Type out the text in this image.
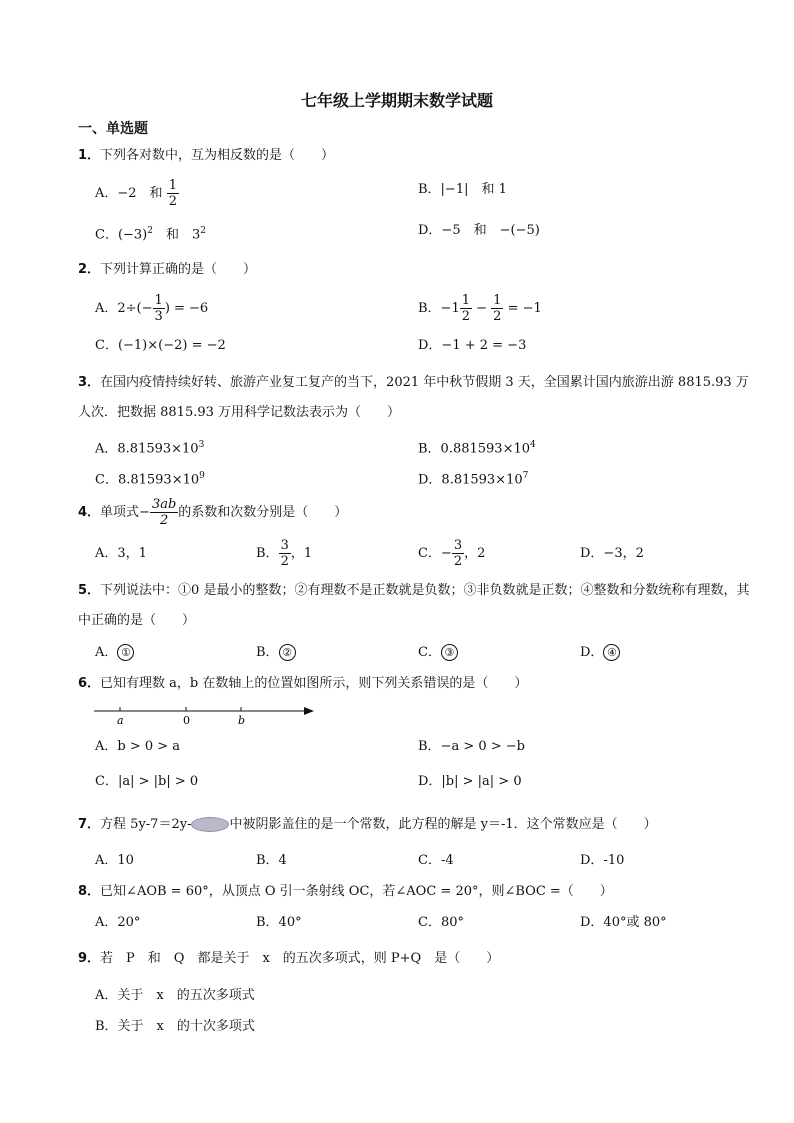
七年级上学期期末数学试题
一、单选题
1．下列各对数中，互为相反数的是（　　）
A．−2　和 $\frac{1}{2}$	B．|−1|　和 1
C．$(-3)^2$　和　$3^2$	D．−5　和　−(−5)
2．下列计算正确的是（　　）
A．$2\div(- \frac{1}{3}$ ) = −6	B．$-1 \frac{1}{2} - \frac{1}{2} = -1$
C．(−1)×(−2) = −2	D．−1 + 2 = −3
3．在国内疫情持续好转、旅游产业复工复产的当下，2021 年中秋节假期 3 天，全国累计国内旅游出游 8815.93 万人次．把数据 8815.93 万用科学记数法表示为（　　）
A．$8.81593\times 10^3$	B．$0.881593\times 10^4$
C．$8.81593\times 10^9$	D．$8.81593\times 10^7$
4．单项式− $\frac{3ab}{2}$ 的系数和次数分别是（　　）
A．3，1	B． $\frac{3}{2}$ ，1	C．− $\frac{3}{2}$ ，2	D．−3，2
5．下列说法中：①0 是最小的整数；②有理数不是正数就是负数；③非负数就是正数；④整数和分数统称有理数，其中正确的是（　　）
A． ①	B． ②	C． ③	D． ④
6．已知有理数 a，b 在数轴上的位置如图所示，则下列关系错误的是（　　）
a	0	b
A．b > 0 > a	B．−a > 0 > −b
C．|a| > |b| > 0	D．|b| > |a| > 0
7．方程 5y-7＝2y-	中被阴影盖住的是一个常数，此方程的解是 y＝-1．这个常数应是（　　）
A．10	B．4	C．-4	D．-10
8．已知∠AOB = 60°，从顶点 O 引一条射线 OC，若∠AOC = 20°，则∠BOC =（　　）
A．20°	B．40°	C．80°	D．40°或 80°
9．若　P　和　Q　都是关于　x　的五次多项式，则 P+Q　是（　　）
A．关于　x　的五次多项式
B．关于　x　的十次多项式
